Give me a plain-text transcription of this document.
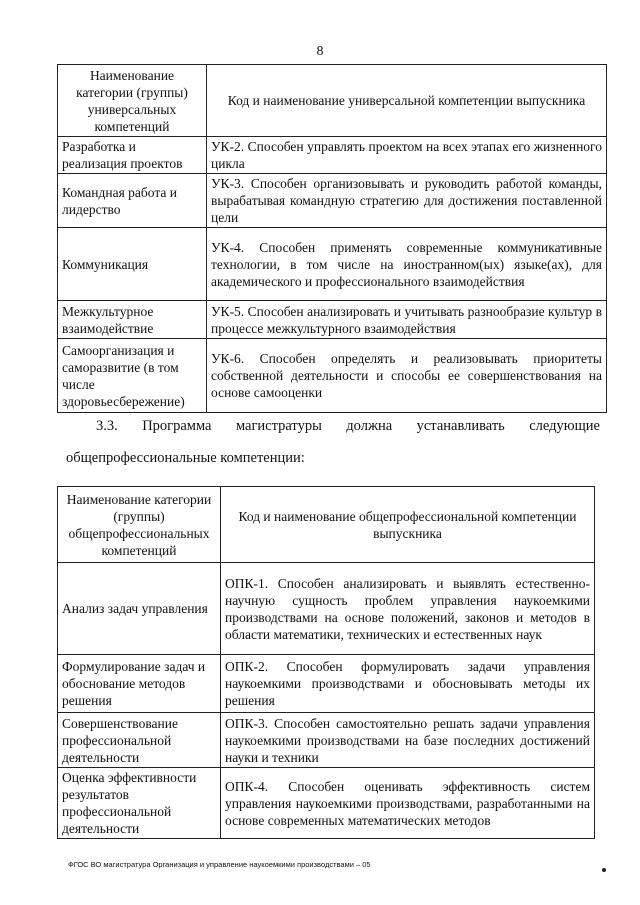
8
Наименование категории (группы) универсальных компетенций	Код и наименование универсальной компетенции выпускника
Разработка и реализация проектов	УК-2. Способен управлять проектом на всех этапах его жизненного цикла
Командная работа и лидерство	УК-3. Способен организовывать и руководить работой команды, вырабатывая командную стратегию для достижения поставленной цели
Коммуникация	УК-4. Способен применять современные коммуникативные технологии, в том числе на иностранном(ых) языке(ах), для академического и профессионального взаимодействия
Межкультурное взаимодействие	УК-5. Способен анализировать и учитывать разнообразие культур в процессе межкультурного взаимодействия
Самоорганизация и саморазвитие (в том числе здоровьесбережение)	УК-6. Способен определять и реализовывать приоритеты собственной деятельности и способы ее совершенствования на основе самооценки
3.3. Программа магистратуры должна устанавливать следующие
общепрофессиональные компетенции:
Наименование категории (группы) общепрофессиональных компетенций	Код и наименование общепрофессиональной компетенции выпускника
Анализ задач управления	ОПК-1. Способен анализировать и выявлять естественно-научную сущность проблем управления наукоемкими производствами на основе положений, законов и методов в области математики, технических и естественных наук
Формулирование задач и обоснование методов решения	ОПК-2. Способен формулировать задачи управления наукоемкими производствами и обосновывать методы их решения
Совершенствование профессиональной деятельности	ОПК-3. Способен самостоятельно решать задачи управления наукоемкими производствами на базе последних достижений науки и техники
Оценка эффективности результатов профессиональной деятельности	ОПК-4. Способен оценивать эффективность систем управления наукоемкими производствами, разработанными на основе современных математических методов
ФГОС ВО магистратура Организация и управление наукоемкими производствами – 05
